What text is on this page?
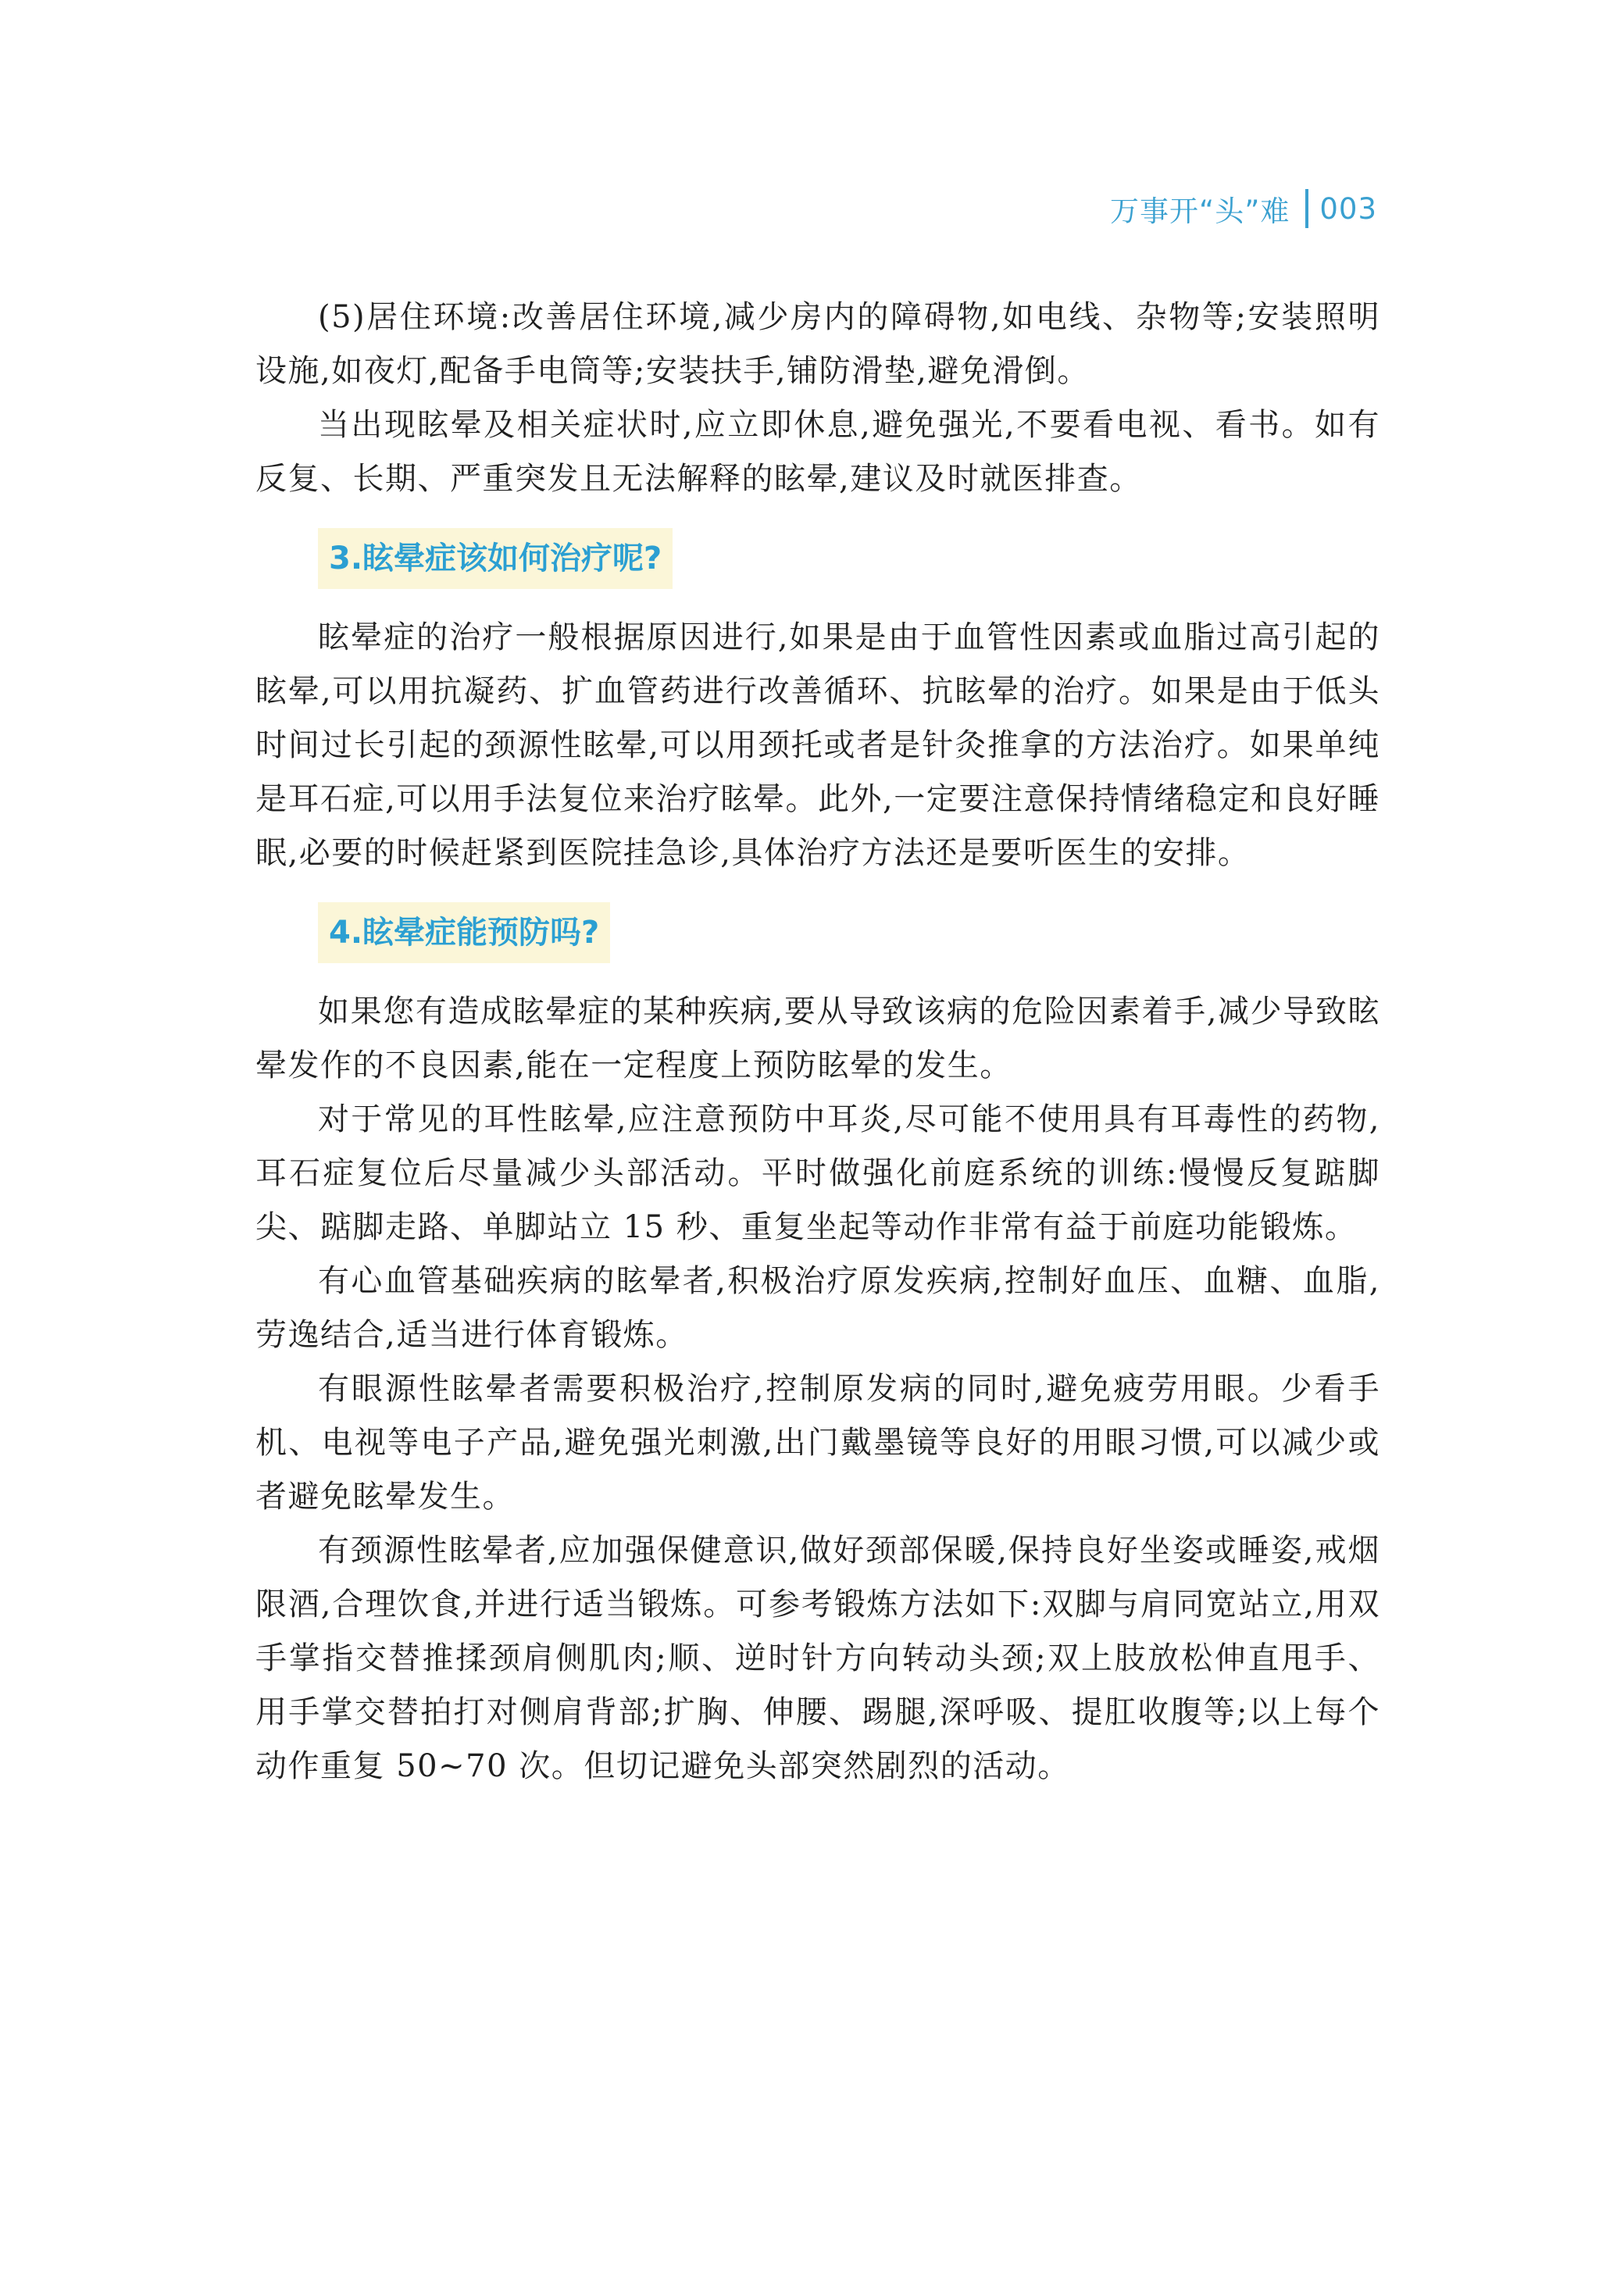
万事开“头”难 003

(5)居住环境:改善居住环境,减少房内的障碍物,如电线、杂物等;安装照明设施,如夜灯,配备手电筒等;安装扶手,铺防滑垫,避免滑倒。

当出现眩晕及相关症状时,应立即休息,避免强光,不要看电视、看书。如有反复、长期、严重突发且无法解释的眩晕,建议及时就医排查。

3.眩晕症该如何治疗呢?

眩晕症的治疗一般根据原因进行,如果是由于血管性因素或血脂过高引起的眩晕,可以用抗凝药、扩血管药进行改善循环、抗眩晕的治疗。如果是由于低头时间过长引起的颈源性眩晕,可以用颈托或者是针灸推拿的方法治疗。如果单纯是耳石症,可以用手法复位来治疗眩晕。此外,一定要注意保持情绪稳定和良好睡眠,必要的时候赶紧到医院挂急诊,具体治疗方法还是要听医生的安排。

4.眩晕症能预防吗?

如果您有造成眩晕症的某种疾病,要从导致该病的危险因素着手,减少导致眩晕发作的不良因素,能在一定程度上预防眩晕的发生。

对于常见的耳性眩晕,应注意预防中耳炎,尽可能不使用具有耳毒性的药物,耳石症复位后尽量减少头部活动。平时做强化前庭系统的训练:慢慢反复踮脚尖、踮脚走路、单脚站立 15 秒、重复坐起等动作非常有益于前庭功能锻炼。

有心血管基础疾病的眩晕者,积极治疗原发疾病,控制好血压、血糖、血脂,劳逸结合,适当进行体育锻炼。

有眼源性眩晕者需要积极治疗,控制原发病的同时,避免疲劳用眼。少看手机、电视等电子产品,避免强光刺激,出门戴墨镜等良好的用眼习惯,可以减少或者避免眩晕发生。

有颈源性眩晕者,应加强保健意识,做好颈部保暖,保持良好坐姿或睡姿,戒烟限酒,合理饮食,并进行适当锻炼。可参考锻炼方法如下:双脚与肩同宽站立,用双手掌指交替推揉颈肩侧肌肉;顺、逆时针方向转动头颈;双上肢放松伸直甩手、用手掌交替拍打对侧肩背部;扩胸、伸腰、踢腿,深呼吸、提肛收腹等;以上每个动作重复 50~70 次。但切记避免头部突然剧烈的活动。
